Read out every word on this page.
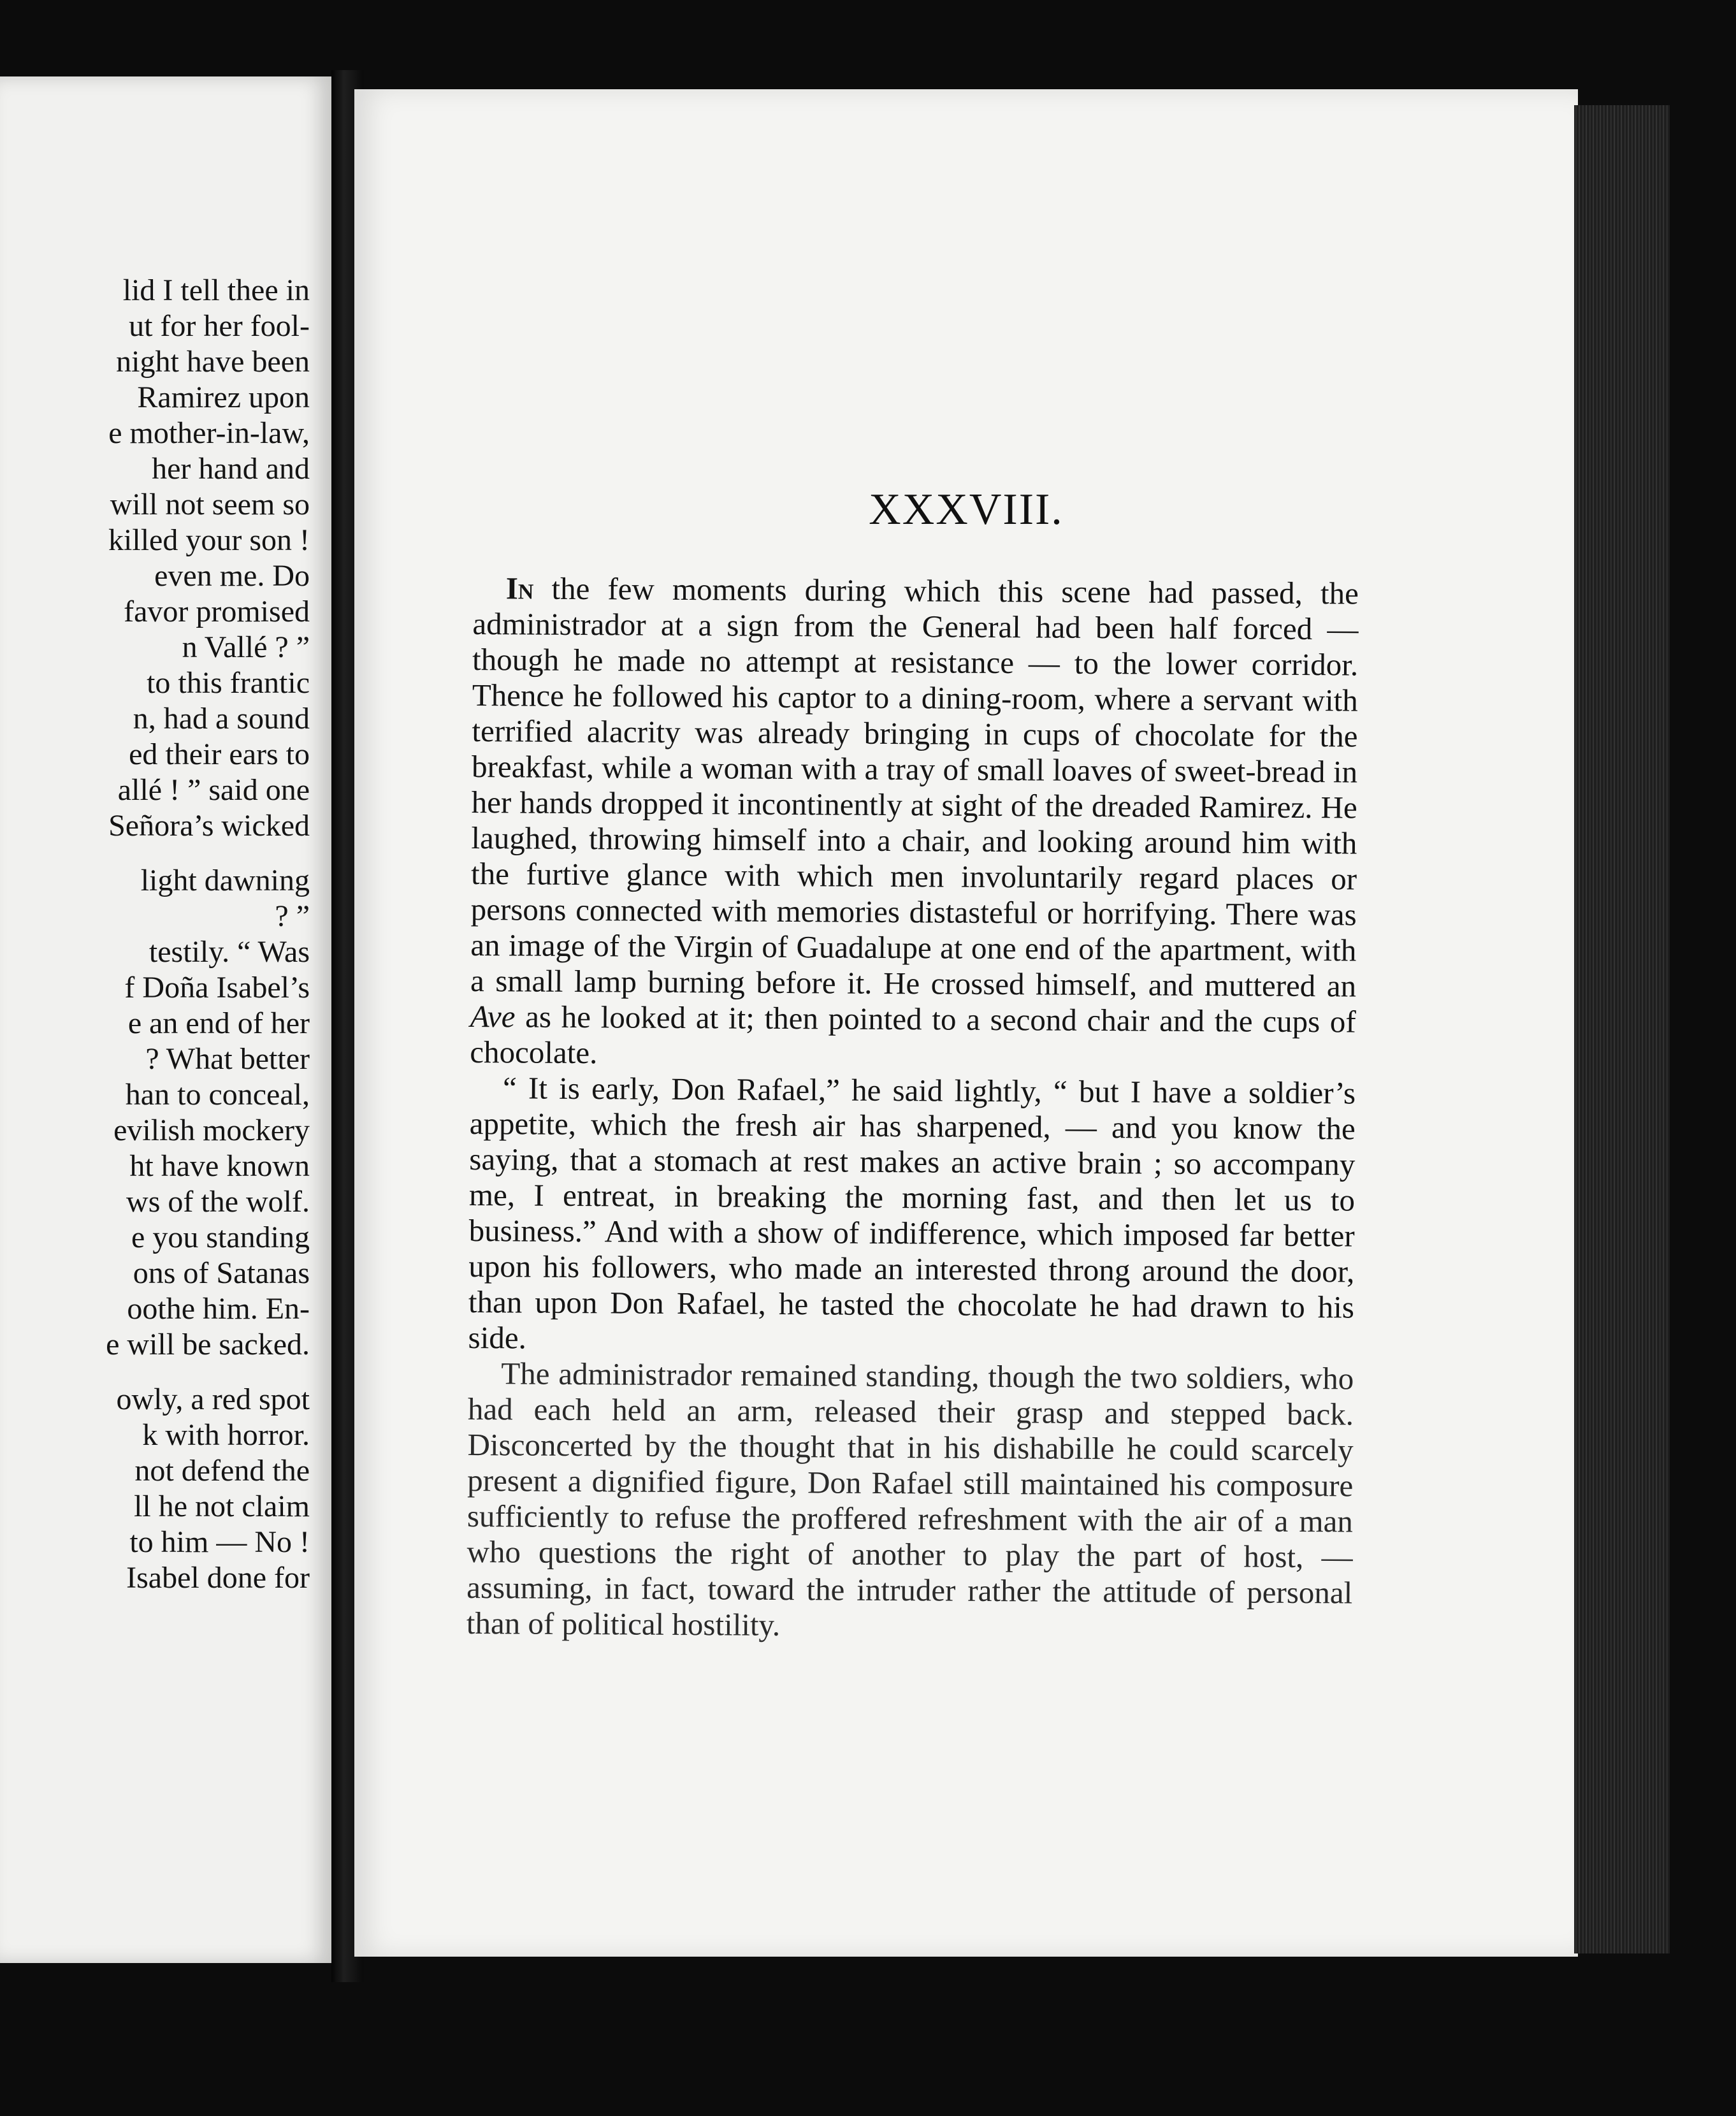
lid I tell thee in
ut for her fool-
night have been
Ramirez upon
e mother-in-law,
her hand and
will not seem so
killed your son !
even me. Do
favor promised
n Vallé ? ”
to this frantic
n, had a sound
ed their ears to
allé ! ” said one
Señora’s wicked
light dawning
? ”
testily. “ Was
f Doña Isabel’s
e an end of her
? What better
han to conceal,
evilish mockery
ht have known
ws of the wolf.
e you standing
ons of Satanas
oothe him. En-
e will be sacked.
owly, a red spot
k with horror.
not defend the
ll he not claim
to him — No !
Isabel done for
XXXVIII.

In the few moments during which this scene had passed, the administrador at a sign from the General had been half forced — though he made no attempt at resistance — to the lower corridor. Thence he followed his captor to a dining-room, where a servant with terrified alacrity was already bringing in cups of chocolate for the breakfast, while a woman with a tray of small loaves of sweet-bread in her hands dropped it incontinently at sight of the dreaded Ramirez. He laughed, throwing himself into a chair, and looking around him with the furtive glance with which men involuntarily regard places or persons connected with memories distasteful or horrifying. There was an image of the Virgin of Guadalupe at one end of the apartment, with a small lamp burning before it. He crossed himself, and muttered an Ave as he looked at it; then pointed to a second chair and the cups of chocolate.

“ It is early, Don Rafael,” he said lightly, “ but I have a soldier’s appetite, which the fresh air has sharpened, — and you know the saying, that a stomach at rest makes an active brain ; so accompany me, I entreat, in breaking the morning fast, and then let us to business.” And with a show of indifference, which imposed far better upon his followers, who made an interested throng around the door, than upon Don Rafael, he tasted the chocolate he had drawn to his side.

The administrador remained standing, though the two soldiers, who had each held an arm, released their grasp and stepped back. Disconcerted by the thought that in his dishabille he could scarcely present a dignified figure, Don Rafael still maintained his composure sufficiently to refuse the proffered refreshment with the air of a man who questions the right of another to play the part of host, — assuming, in fact, toward the intruder rather the attitude of personal than of political hostility.
